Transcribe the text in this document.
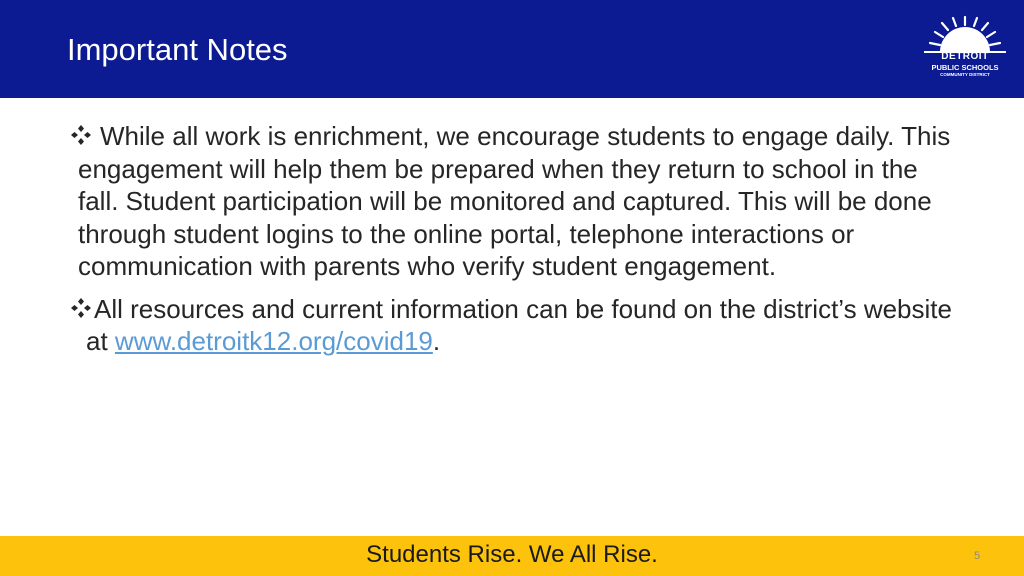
Important Notes	DETROIT
PUBLIC SCHOOLS
COMMUNITY DISTRICT
While all work is enrichment, we encourage students to engage daily. This engagement will help them be prepared when they return to school in the fall. Student participation will be monitored and captured. This will be done through student logins to the online portal, telephone interactions or communication with parents who verify student engagement.
All resources and current information can be found on the district’s website at www.detroitk12.org/covid19.
Students Rise. We All Rise.	5
